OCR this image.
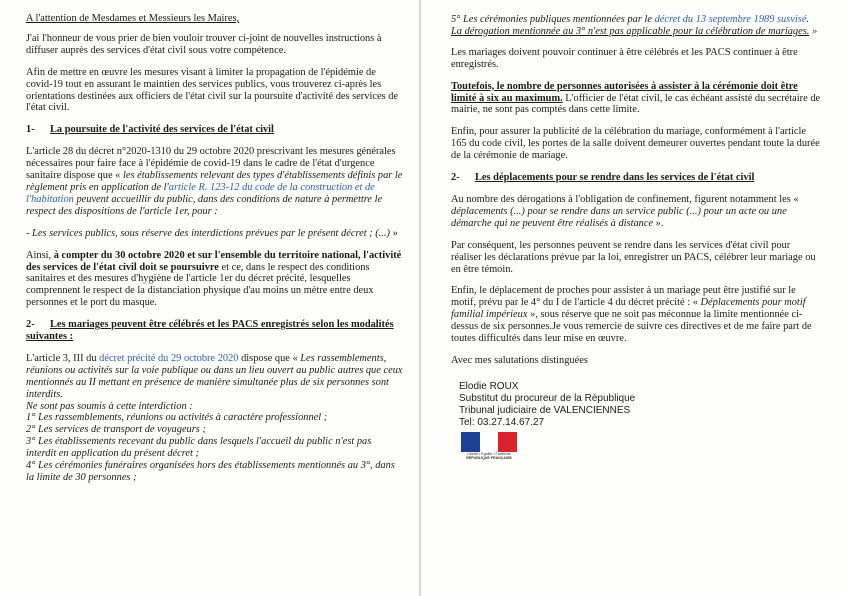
A l'attention de Mesdames et Messieurs les Maires,

J'ai l'honneur de vous prier de bien vouloir trouver ci-joint de nouvelles instructions à diffuser auprès des services d'état civil sous votre compétence.

Afin de mettre en œuvre les mesures visant à limiter la propagation de l'épidémie de covid-19 tout en assurant le maintien des services publics, vous trouverez ci-après les orientations destinées aux officiers de l'état civil sur la poursuite d'activité des services de l'état civil.

1- La poursuite de l'activité des services de l'état civil

L'article 28 du décret n°2020-1310 du 29 octobre 2020 prescrivant les mesures générales nécessaires pour faire face à l'épidémie de covid-19 dans le cadre de l'état d'urgence sanitaire dispose que « les établissements relevant des types d'établissements définis par le règlement pris en application de l'article R. 123-12 du code de la construction et de l'habitation peuvent accueillir du public, dans des conditions de nature à permettre le respect des dispositions de l'article 1er, pour :

- Les services publics, sous réserve des interdictions prévues par le présent décret ; (...) »

Ainsi, à compter du 30 octobre 2020 et sur l'ensemble du territoire national, l'activité des services de l'état civil doit se poursuivre et ce, dans le respect des conditions sanitaires et des mesures d'hygiène de l'article 1er du décret précité, lesquelles comprennent le respect de la distanciation physique d'au moins un mètre entre deux personnes et le port du masque.

2- Les mariages peuvent être célébrés et les PACS enregistrés selon les modalités suivantes :

L'article 3, III du décret précité du 29 octobre 2020 dispose que « Les rassemblements, réunions ou activités sur la voie publique ou dans un lieu ouvert au public autres que ceux mentionnés au II mettant en présence de manière simultanée plus de six personnes sont interdits.

Ne sont pas soumis à cette interdiction :

1° Les rassemblements, réunions ou activités à caractère professionnel ;

2° Les services de transport de voyageurs ;

3° Les établissements recevant du public dans lesquels l'accueil du public n'est pas interdit en application du présent décret ;

4° Les cérémonies funéraires organisées hors des établissements mentionnés au 3°, dans la limite de 30 personnes ;

5° Les cérémonies publiques mentionnées par le décret du 13 septembre 1989 susvisé.

La dérogation mentionnée au 3° n'est pas applicable pour la célébration de mariages. »

Les mariages doivent pouvoir continuer à être célébrés et les PACS continuer à être enregistrés.

Toutefois, le nombre de personnes autorisées à assister à la cérémonie doit être limité à six au maximum. L'officier de l'état civil, le cas échéant assisté du secrétaire de mairie, ne sont pas comptés dans cette limite.

Enfin, pour assurer la publicité de la célébration du mariage, conformément à l'article 165 du code civil, les portes de la salle doivent demeurer ouvertes pendant toute la durée de la cérémonie de mariage.

2- Les déplacements pour se rendre dans les services de l'état civil

Au nombre des dérogations à l'obligation de confinement, figurent notamment les « déplacements (...) pour se rendre dans un service public (...) pour un acte ou une démarche qui ne peuvent être réalisés à distance ».

Par conséquent, les personnes peuvent se rendre dans les services d'état civil pour réaliser les déclarations prévue par la loi, enregistrer un PACS, célébrer leur mariage ou en être témoin.

Enfin, le déplacement de proches pour assister à un mariage peut être justifié sur le motif, prévu par le 4° du I de l'article 4 du décret précité : « Déplacements pour motif familial impérieux », sous réserve que ne soit pas méconnue la limite mentionnée ci-dessus de six personnes.Je vous remercie de suivre ces directives et de me faire part de toutes difficultés dans leur mise en œuvre.

Avec mes salutations distinguées

Elodie ROUX
Substitut du procureur de la République
Tribunal judiciaire de VALENCIENNES
Tel: 03.27.14.67.27
Liberté • Égalité • Fraternité
RÉPUBLIQUE FRANÇAISE
